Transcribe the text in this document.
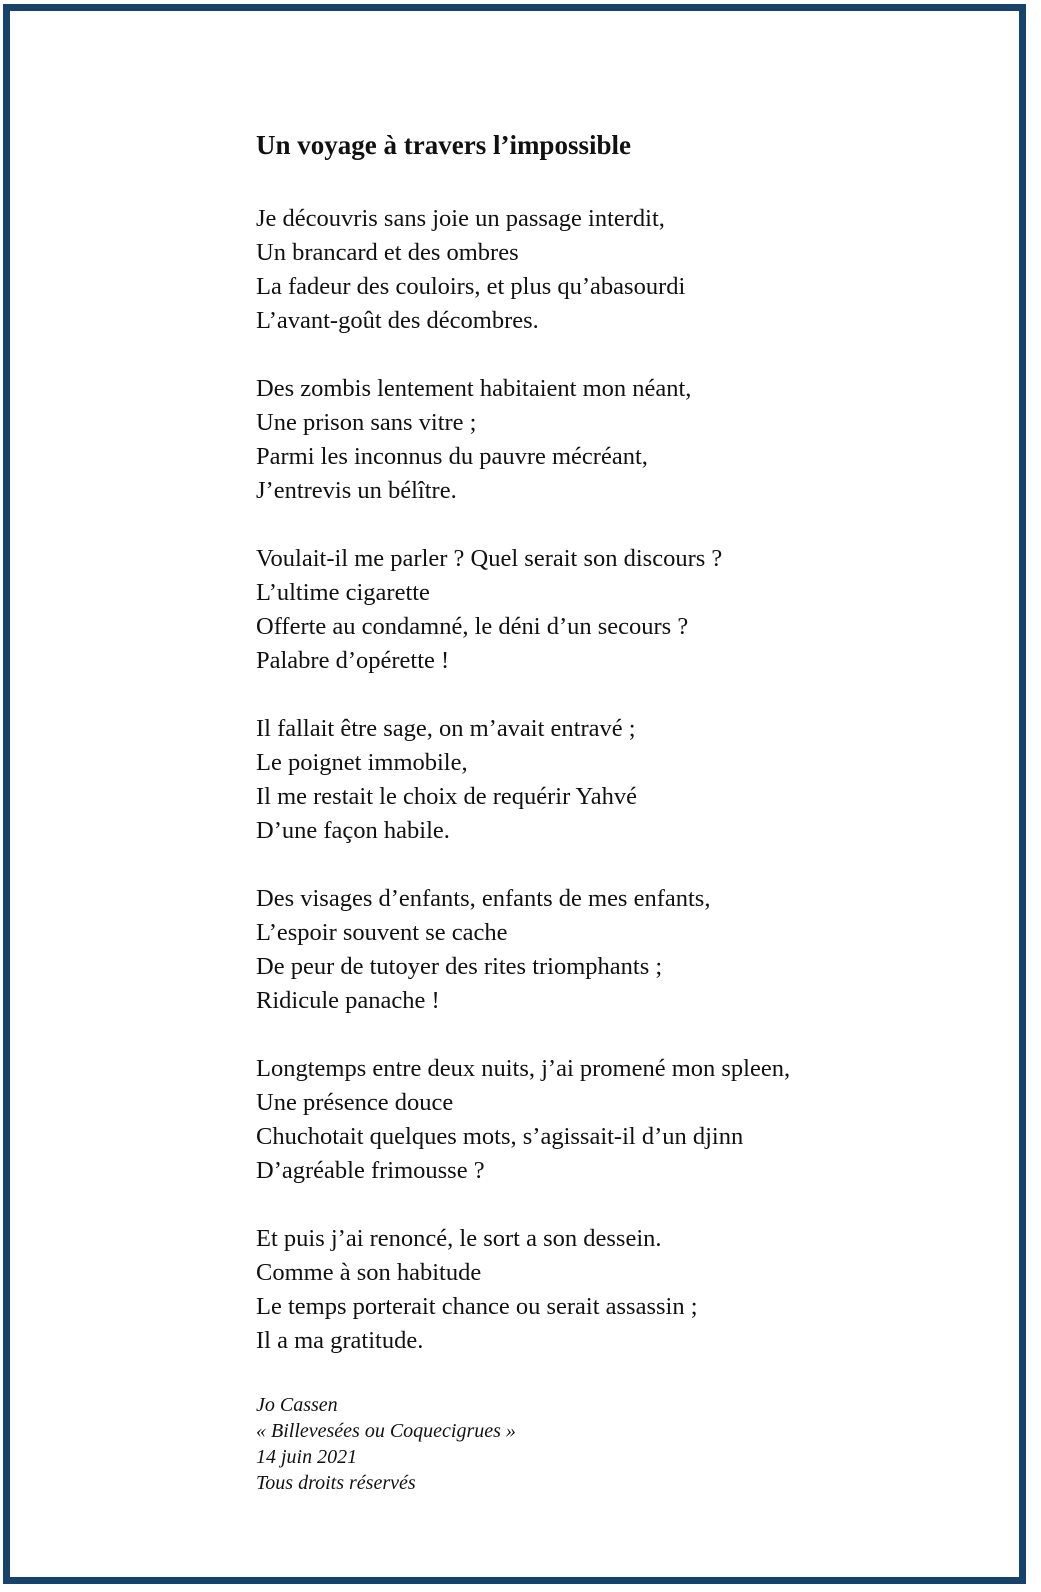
Un voyage à travers l’impossible
Je découvris sans joie un passage interdit,
Un brancard et des ombres
La fadeur des couloirs, et plus qu’abasourdi
L’avant-goût des décombres.
Des zombis lentement habitaient mon néant,
Une prison sans vitre ;
Parmi les inconnus du pauvre mécréant,
J’entrevis un bélître.
Voulait-il me parler ? Quel serait son discours ?
L’ultime cigarette
Offerte au condamné, le déni d’un secours ?
Palabre d’opérette !
Il fallait être sage, on m’avait entravé ;
Le poignet immobile,
Il me restait le choix de requérir Yahvé
D’une façon habile.
Des visages d’enfants, enfants de mes enfants,
L’espoir souvent se cache
De peur de tutoyer des rites triomphants ;
Ridicule panache !
Longtemps entre deux nuits, j’ai promené mon spleen,
Une présence douce
Chuchotait quelques mots, s’agissait-il d’un djinn
D’agréable frimousse ?
Et puis j’ai renoncé, le sort a son dessein.
Comme à son habitude
Le temps porterait chance ou serait assassin ;
Il a ma gratitude.
Jo Cassen
« Billevesées ou Coquecigrues »
14 juin 2021
Tous droits réservés
